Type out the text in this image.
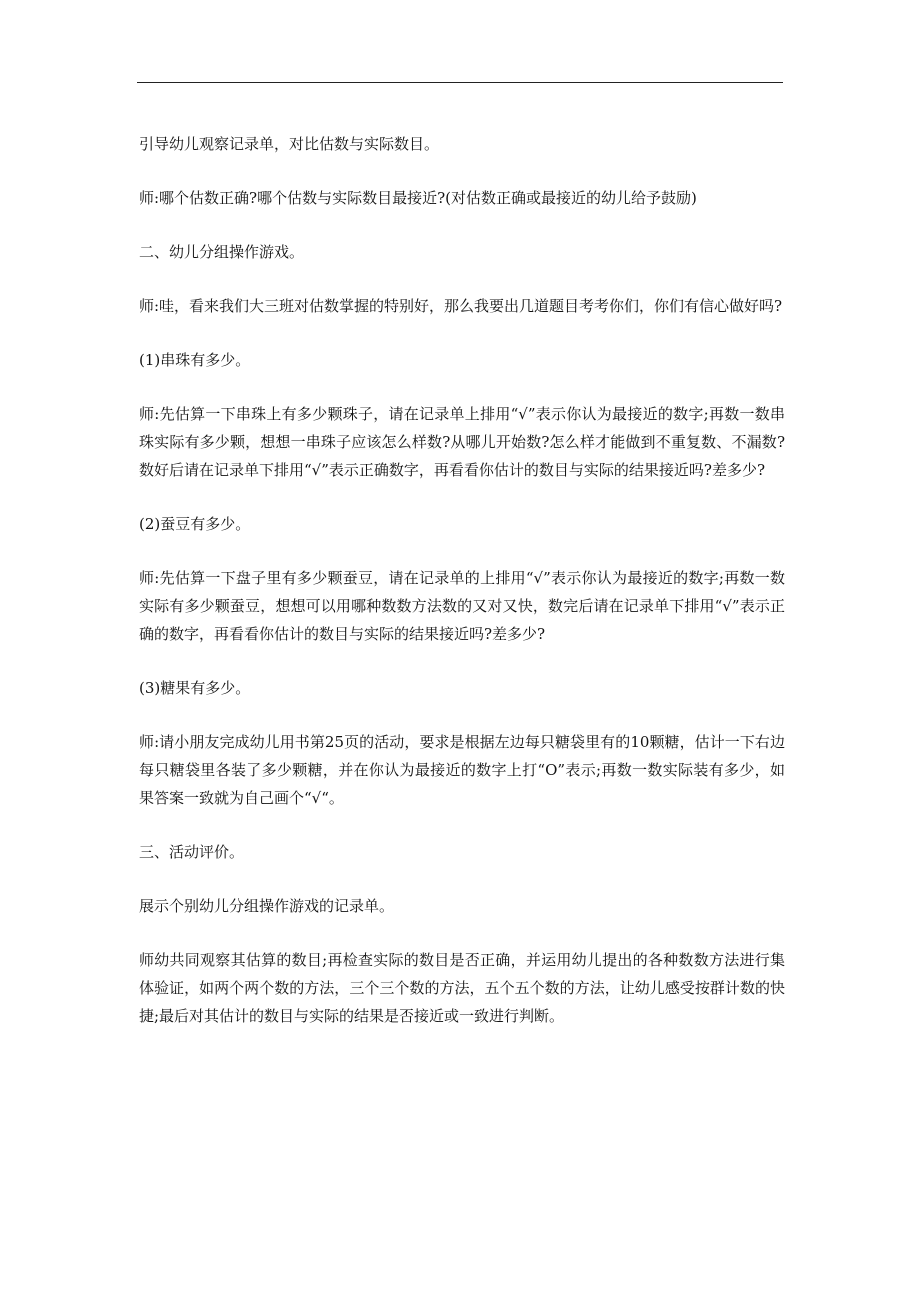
引导幼儿观察记录单，对比估数与实际数目。

师:哪个估数正确?哪个估数与实际数目最接近?(对估数正确或最接近的幼儿给予鼓励)

二、幼儿分组操作游戏。

师:哇，看来我们大三班对估数掌握的特别好，那么我要出几道题目考考你们，你们有信心做好吗?

(1)串珠有多少。

师:先估算一下串珠上有多少颗珠子，请在记录单上排用“√”表示你认为最接近的数字;再数一数串珠实际有多少颗，想想一串珠子应该怎么样数?从哪儿开始数?怎么样才能做到不重复数、不漏数?数好后请在记录单下排用“√”表示正确数字，再看看你估计的数目与实际的结果接近吗?差多少?

(2)蚕豆有多少。

师:先估算一下盘子里有多少颗蚕豆，请在记录单的上排用“√”表示你认为最接近的数字;再数一数实际有多少颗蚕豆，想想可以用哪种数数方法数的又对又快，数完后请在记录单下排用“√”表示正确的数字，再看看你估计的数目与实际的结果接近吗?差多少?

(3)糖果有多少。

师:请小朋友完成幼儿用书第25页的活动，要求是根据左边每只糖袋里有的10颗糖，估计一下右边每只糖袋里各装了多少颗糖，并在你认为最接近的数字上打“O”表示;再数一数实际装有多少，如果答案一致就为自己画个“√“。

三、活动评价。

展示个别幼儿分组操作游戏的记录单。

师幼共同观察其估算的数目;再检查实际的数目是否正确，并运用幼儿提出的各种数数方法进行集体验证，如两个两个数的方法，三个三个数的方法，五个五个数的方法，让幼儿感受按群计数的快捷;最后对其估计的数目与实际的结果是否接近或一致进行判断。
